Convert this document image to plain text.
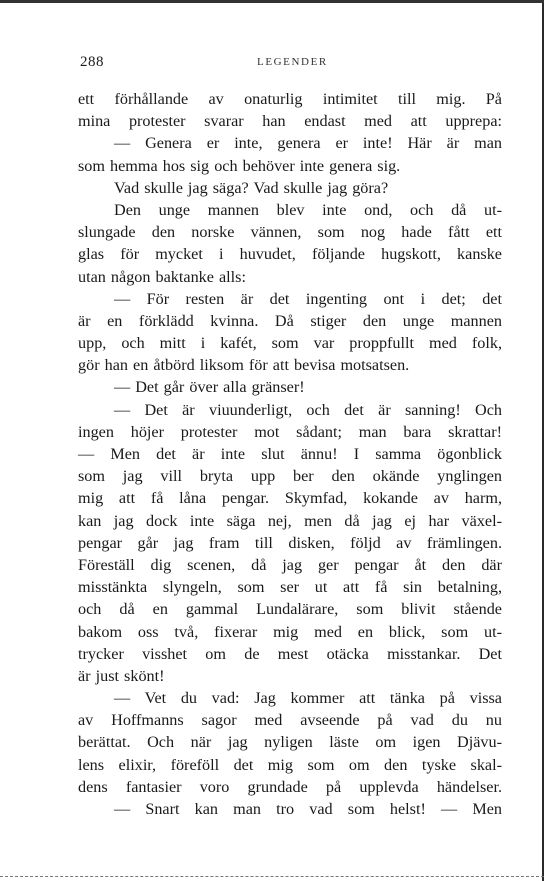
288	LEGENDER
ett förhållande av onaturlig intimitet till mig. På
mina protester svarar han endast med att upprepa:
— Genera er inte, genera er inte! Här är man
som hemma hos sig och behöver inte genera sig.
Vad skulle jag säga? Vad skulle jag göra?
Den unge mannen blev inte ond, och då ut-
slungade den norske vännen, som nog hade fått ett
glas för mycket i huvudet, följande hugskott, kanske
utan någon baktanke alls:
— För resten är det ingenting ont i det; det
är en förklädd kvinna. Då stiger den unge mannen
upp, och mitt i kafét, som var proppfullt med folk,
gör han en åtbörd liksom för att bevisa motsatsen.
— Det går över alla gränser!
— Det är viuunderligt, och det är sanning! Och
ingen höjer protester mot sådant; man bara skrattar!
— Men det är inte slut ännu! I samma ögonblick
som jag vill bryta upp ber den okände ynglingen
mig att få låna pengar. Skymfad, kokande av harm,
kan jag dock inte säga nej, men då jag ej har växel-
pengar går jag fram till disken, följd av främlingen.
Föreställ dig scenen, då jag ger pengar åt den där
misstänkta slyngeln, som ser ut att få sin betalning,
och då en gammal Lundalärare, som blivit stående
bakom oss två, fixerar mig med en blick, som ut-
trycker visshet om de mest otäcka misstankar. Det
är just skönt!
— Vet du vad: Jag kommer att tänka på vissa
av Hoffmanns sagor med avseende på vad du nu
berättat. Och när jag nyligen läste om igen Djävu-
lens elixir, föreföll det mig som om den tyske skal-
dens fantasier voro grundade på upplevda händelser.
— Snart kan man tro vad som helst! — Men
